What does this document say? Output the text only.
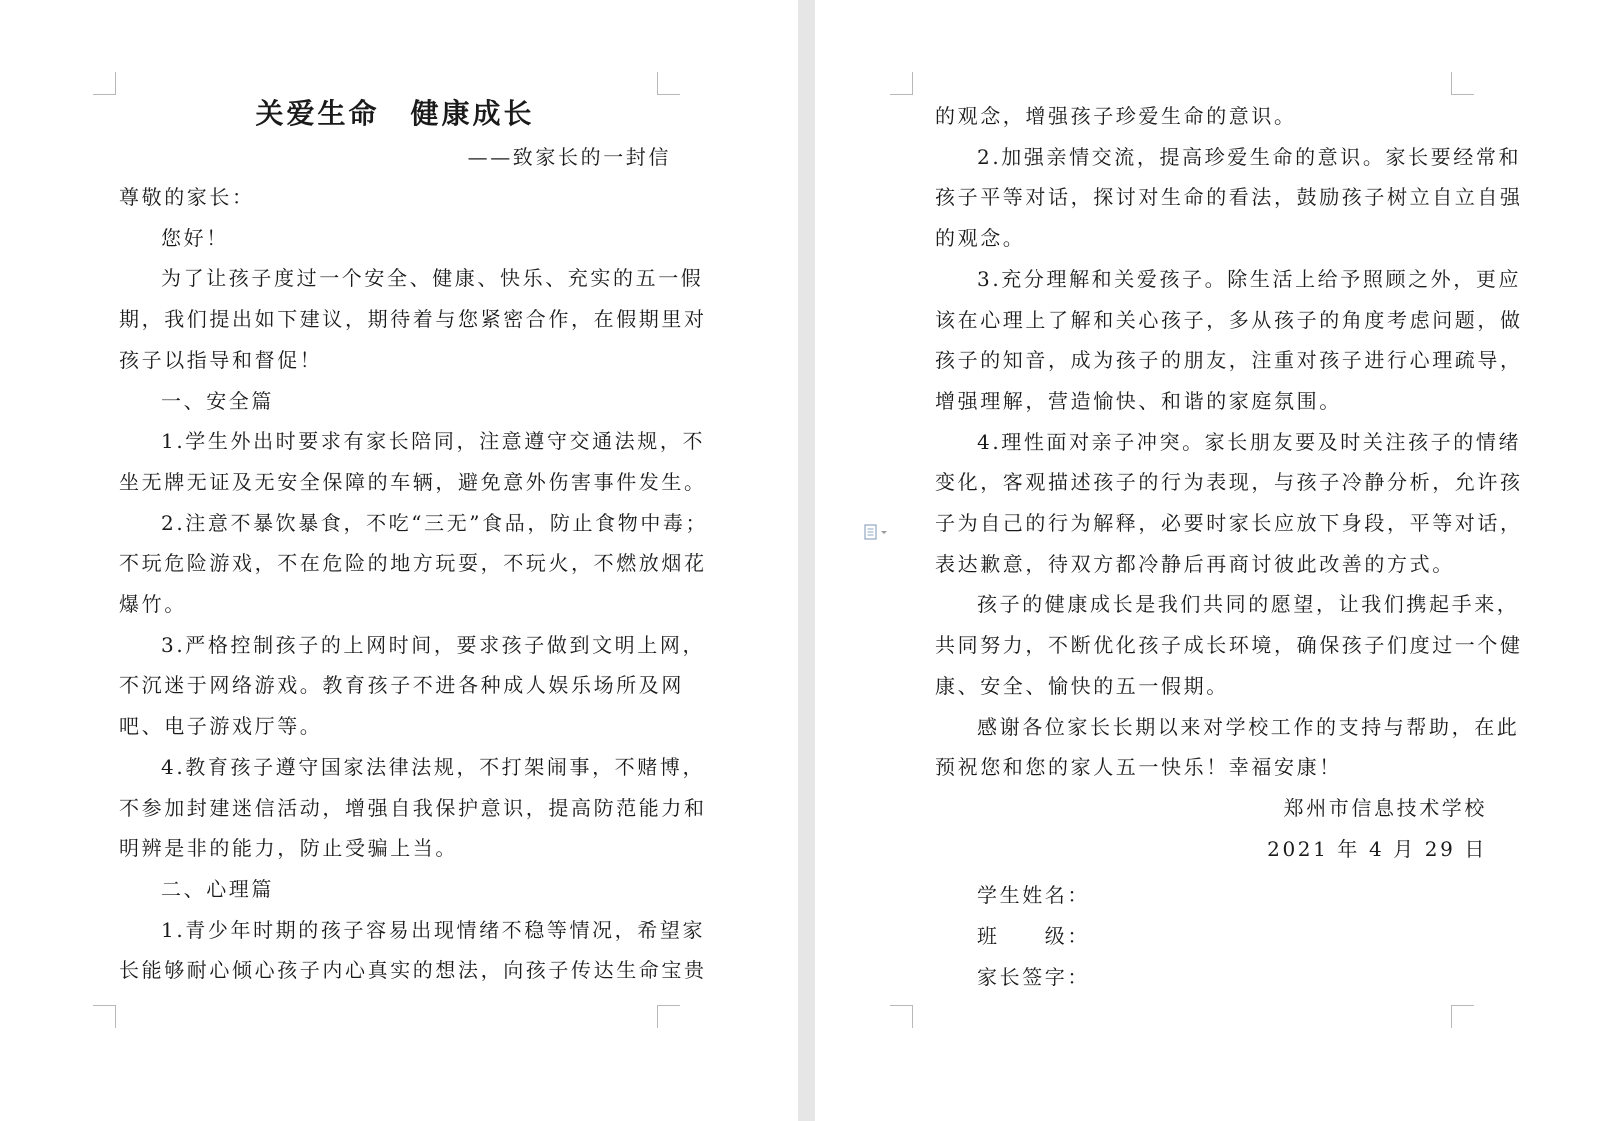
关爱生命　健康成长
——致家长的一封信
尊敬的家长：
您好！
为了让孩子度过一个安全、健康、快乐、充实的五一假
期，我们提出如下建议，期待着与您紧密合作，在假期里对
孩子以指导和督促！
一、安全篇
1.学生外出时要求有家长陪同，注意遵守交通法规，不
坐无牌无证及无安全保障的车辆，避免意外伤害事件发生。
2.注意不暴饮暴食，不吃“三无”食品，防止食物中毒；
不玩危险游戏，不在危险的地方玩耍，不玩火，不燃放烟花
爆竹。
3.严格控制孩子的上网时间，要求孩子做到文明上网，
不沉迷于网络游戏。教育孩子不进各种成人娱乐场所及网
吧、电子游戏厅等。
4.教育孩子遵守国家法律法规，不打架闹事，不赌博，
不参加封建迷信活动，增强自我保护意识，提高防范能力和
明辨是非的能力，防止受骗上当。
二、心理篇
1.青少年时期的孩子容易出现情绪不稳等情况，希望家
长能够耐心倾心孩子内心真实的想法，向孩子传达生命宝贵
的观念，增强孩子珍爱生命的意识。
2.加强亲情交流，提高珍爱生命的意识。家长要经常和
孩子平等对话，探讨对生命的看法，鼓励孩子树立自立自强
的观念。
3.充分理解和关爱孩子。除生活上给予照顾之外，更应
该在心理上了解和关心孩子，多从孩子的角度考虑问题，做
孩子的知音，成为孩子的朋友，注重对孩子进行心理疏导，
增强理解，营造愉快、和谐的家庭氛围。
4.理性面对亲子冲突。家长朋友要及时关注孩子的情绪
变化，客观描述孩子的行为表现，与孩子冷静分析，允许孩
子为自己的行为解释，必要时家长应放下身段，平等对话，
表达歉意，待双方都冷静后再商讨彼此改善的方式。
孩子的健康成长是我们共同的愿望，让我们携起手来，
共同努力，不断优化孩子成长环境，确保孩子们度过一个健
康、安全、愉快的五一假期。
感谢各位家长长期以来对学校工作的支持与帮助，在此
预祝您和您的家人五一快乐！幸福安康！
郑州市信息技术学校
2021 年 4 月 29 日
学生姓名：
班　　级：
家长签字：
